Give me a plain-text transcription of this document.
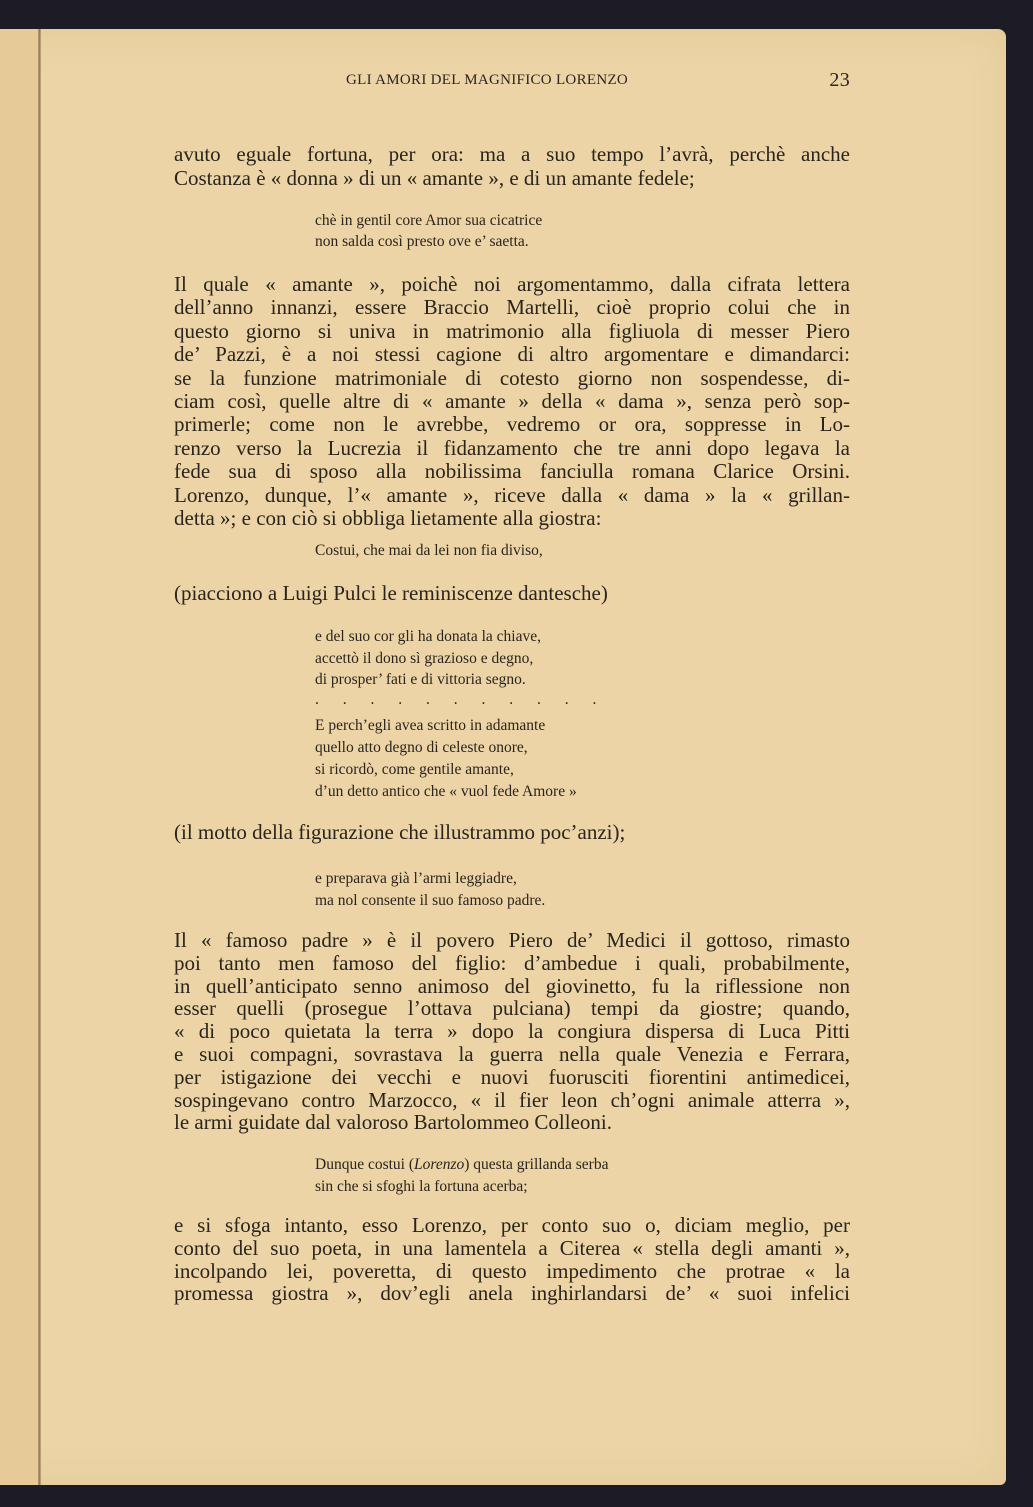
GLI AMORI DEL MAGNIFICO LORENZO	23
avuto eguale fortuna, per ora: ma a suo tempo l’avrà, perchè anche
Costanza è « donna » di un « amante », e di un amante fedele;
chè in gentil core Amor sua cicatrice
non salda così presto ove e’ saetta.
Il quale « amante », poichè noi argomentammo, dalla cifrata lettera
dell’anno innanzi, essere Braccio Martelli, cioè proprio colui che in
questo giorno si univa in matrimonio alla figliuola di messer Piero
de’ Pazzi, è a noi stessi cagione di altro argomentare e dimandarci:
se la funzione matrimoniale di cotesto giorno non sospendesse, di-
ciam così, quelle altre di « amante » della « dama », senza però sop-
primerle; come non le avrebbe, vedremo or ora, soppresse in Lo-
renzo verso la Lucrezia il fidanzamento che tre anni dopo legava la
fede sua di sposo alla nobilissima fanciulla romana Clarice Orsini.
Lorenzo, dunque, l’« amante », riceve dalla « dama » la « grillan-
detta »; e con ciò si obbliga lietamente alla giostra:
Costui, che mai da lei non fia diviso,
(piacciono a Luigi Pulci le reminiscenze dantesche)
e del suo cor gli ha donata la chiave,
accettò il dono sì grazioso e degno,
di prosper’ fati e di vittoria segno.
. . . . . . . . . . .
E perch’egli avea scritto in adamante
quello atto degno di celeste onore,
si ricordò, come gentile amante,
d’un detto antico che « vuol fede Amore »
(il motto della figurazione che illustrammo poc’anzi);
e preparava già l’armi leggiadre,
ma nol consente il suo famoso padre.
Il « famoso padre » è il povero Piero de’ Medici il gottoso, rimasto
poi tanto men famoso del figlio: d’ambedue i quali, probabilmente,
in quell’anticipato senno animoso del giovinetto, fu la riflessione non
esser quelli (prosegue l’ottava pulciana) tempi da giostre; quando,
« di poco quietata la terra » dopo la congiura dispersa di Luca Pitti
e suoi compagni, sovrastava la guerra nella quale Venezia e Ferrara,
per istigazione dei vecchi e nuovi fuorusciti fiorentini antimedicei,
sospingevano contro Marzocco, « il fier leon ch’ogni animale atterra »,
le armi guidate dal valoroso Bartolommeo Colleoni.
Dunque costui (Lorenzo) questa grillanda serba
sin che si sfoghi la fortuna acerba;
e si sfoga intanto, esso Lorenzo, per conto suo o, diciam meglio, per
conto del suo poeta, in una lamentela a Citerea « stella degli amanti »,
incolpando lei, poveretta, di questo impedimento che protrae « la
promessa giostra », dov’egli anela inghirlandarsi de’ « suoi infelici
